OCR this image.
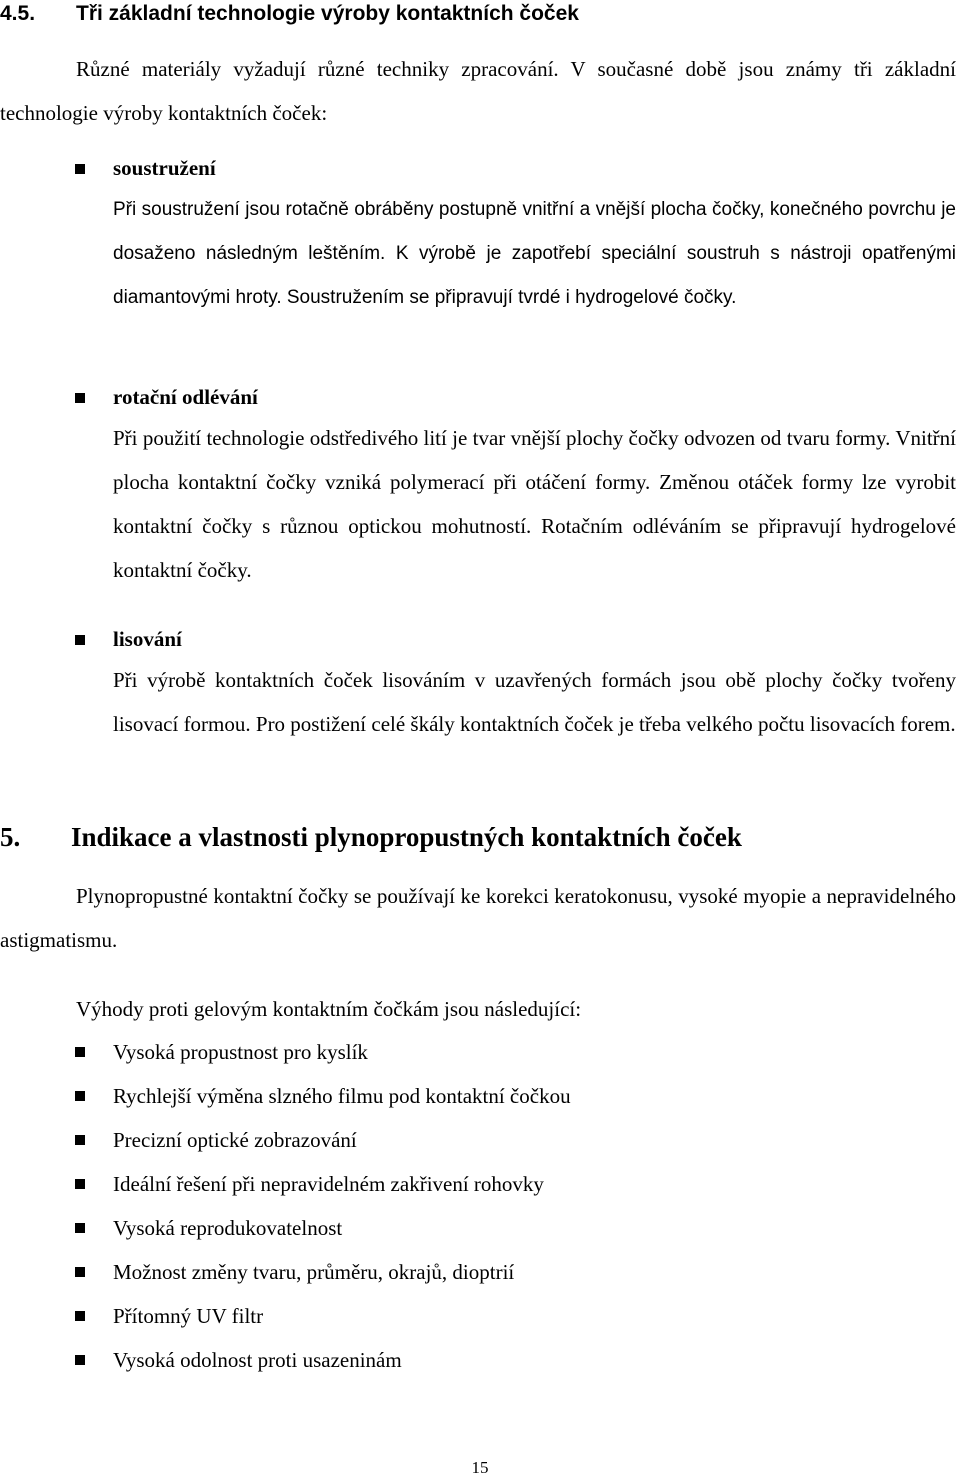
4.5. Tři základní technologie výroby kontaktních čoček
Různé materiály vyžadují různé techniky zpracování. V současné době jsou známy tři základní technologie výroby kontaktních čoček:
soustružení
Při soustružení jsou rotačně obráběny postupně vnitřní a vnější plocha čočky, konečného povrchu je dosaženo následným leštěním. K výrobě je zapotřebí speciální soustruh s nástroji opatřenými diamantovými hroty. Soustružením se připravují tvrdé i hydrogelové čočky.
rotační odlévání
Při použití technologie odstředivého lití je tvar vnější plochy čočky odvozen od tvaru formy. Vnitřní plocha kontaktní čočky vzniká polymerací při otáčení formy. Změnou otáček formy lze vyrobit kontaktní čočky s různou optickou mohutností. Rotačním odléváním se připravují hydrogelové kontaktní čočky.
lisování
Při výrobě kontaktních čoček lisováním v uzavřených formách jsou obě plochy čočky tvořeny lisovací formou. Pro postižení celé škály kontaktních čoček je třeba velkého počtu lisovacích forem.
5. Indikace a vlastnosti plynopropustných kontaktních čoček
Plynopropustné kontaktní čočky se používají ke korekci keratokonusu, vysoké myopie a nepravidelného astigmatismu.
Výhody proti gelovým kontaktním čočkám jsou následující:
Vysoká propustnost pro kyslík
Rychlejší výměna slzného filmu pod kontaktní čočkou
Precizní optické zobrazování
Ideální řešení při nepravidelném zakřivení rohovky
Vysoká reprodukovatelnost
Možnost změny tvaru, průměru, okrajů, dioptrií
Přítomný UV filtr
Vysoká odolnost proti usazeninám
15
